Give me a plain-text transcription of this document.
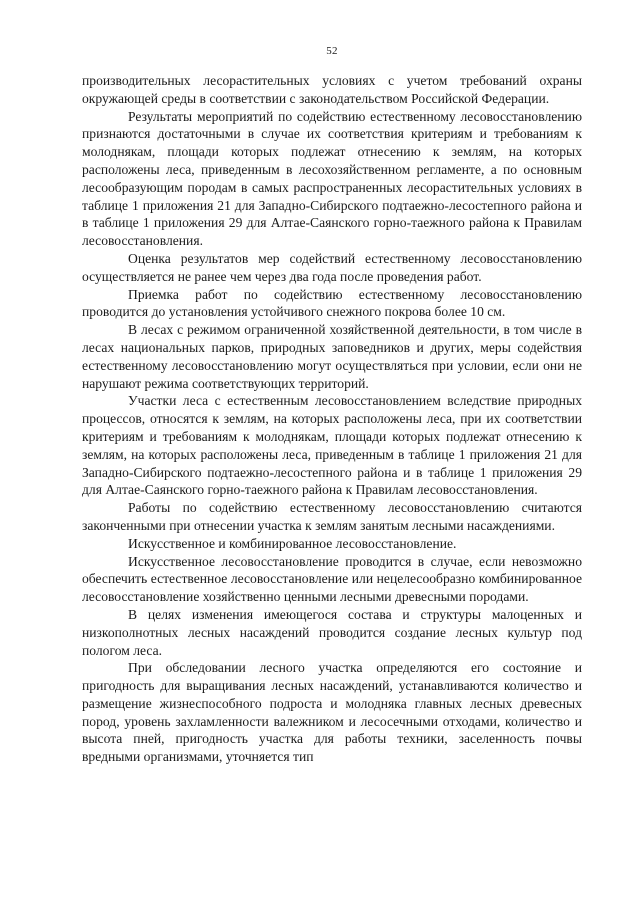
52

производительных лесорастительных условиях с учетом требований охраны окружающей среды в соответствии с законодательством Российской Федерации.

Результаты мероприятий по содействию естественному лесовосстановлению признаются достаточными в случае их соответствия критериям и требованиям к молоднякам, площади которых подлежат отнесению к землям, на которых расположены леса, приведенным в лесохозяйственном регламенте, а по основным лесообразующим породам в самых распространенных лесорастительных условиях в таблице 1 приложения 21 для Западно-Сибирского подтаежно-лесостепного района и в таблице 1 приложения 29 для Алтае-Саянского горно-таежного района к Правилам лесовосстановления.

Оценка результатов мер содействий естественному лесовосстановлению осуществляется не ранее чем через два года после проведения работ.

Приемка работ по содействию естественному лесовосстановлению проводится до установления устойчивого снежного покрова более 10 см.

В лесах с режимом ограниченной хозяйственной деятельности, в том числе в лесах национальных парков, природных заповедников и других, меры содействия естественному лесовосстановлению могут осуществляться при условии, если они не нарушают режима соответствующих территорий.

Участки леса с естественным лесовосстановлением вследствие природных процессов, относятся к землям, на которых расположены леса, при их соответствии критериям и требованиям к молоднякам, площади которых подлежат отнесению к землям, на которых расположены леса, приведенным в таблице 1 приложения 21 для Западно-Сибирского подтаежно-лесостепного района и в таблице 1 приложения 29 для Алтае-Саянского горно-таежного района к Правилам лесовосстановления.

Работы по содействию естественному лесовосстановлению считаются законченными при отнесении участка к землям занятым лесными насаждениями.

Искусственное и комбинированное лесовосстановление.

Искусственное лесовосстановление проводится в случае, если невозможно обеспечить естественное лесовосстановление или нецелесообразно комбинированное лесовосстановление хозяйственно ценными лесными древесными породами.

В целях изменения имеющегося состава и структуры малоценных и низкополнотных лесных насаждений проводится создание лесных культур под пологом леса.

При обследовании лесного участка определяются его состояние и пригодность для выращивания лесных насаждений, устанавливаются количество и размещение жизнеспособного подроста и молодняка главных лесных древесных пород, уровень захламленности валежником и лесосечными отходами, количество и высота пней, пригодность участка для работы техники, заселенность почвы вредными организмами, уточняется тип
